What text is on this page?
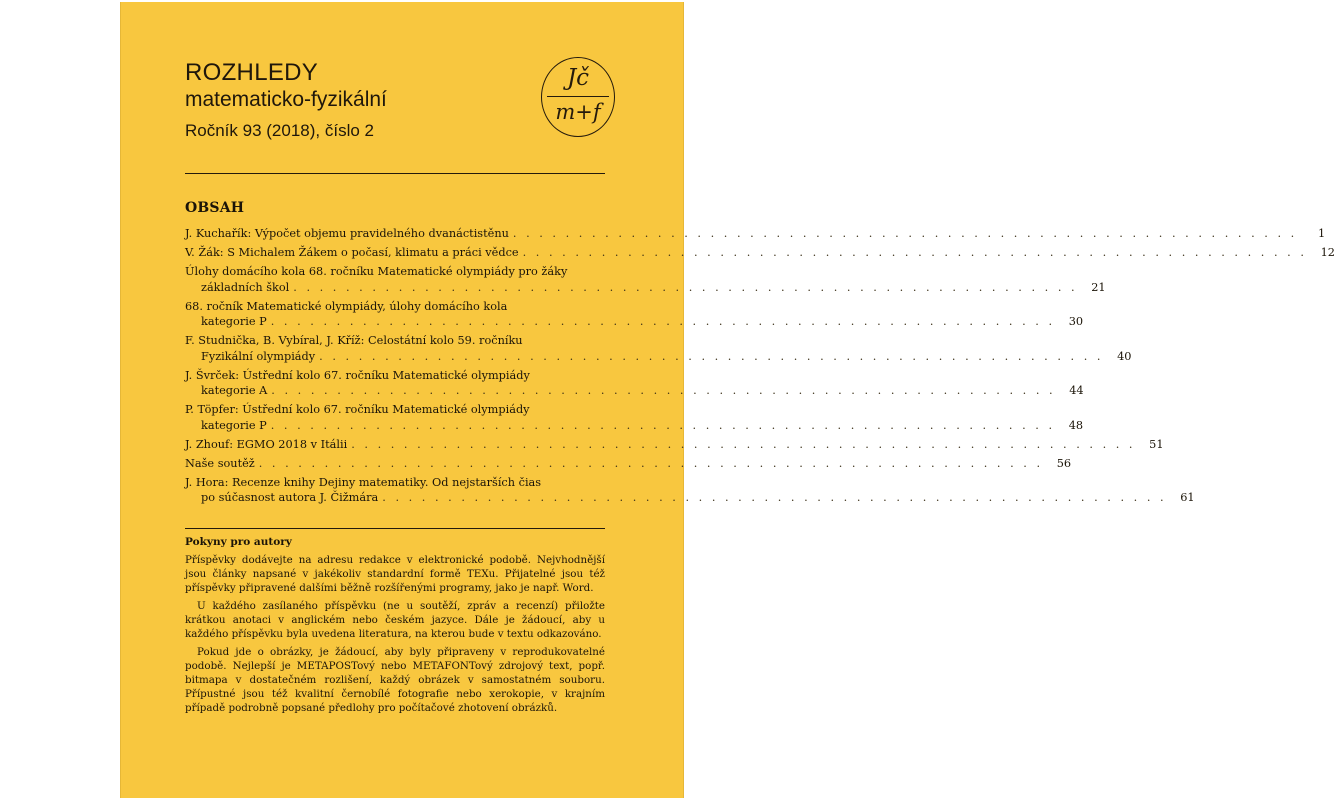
ROZHLEDY
matematicko-fyzikální
Ročník 93 (2018), číslo 2
Jč
m+f
OBSAH
J. Kuchařík: Výpočet objemu pravidelného dvanáctistěnu . . . . . . . . . . . . . . . . . . . . . . . . . . . . . . . . . . . . . . . . . . . . . . . . . . . . . . . . . . . .	1
V. Žák: S Michalem Žákem o počasí, klimatu a práci vědce . . . . . . . . . . . . . . . . . . . . . . . . . . . . . . . . . . . . . . . . . . . . . . . . . . . . . . . . . . . .	12
Úlohy domácího kola 68. ročníku Matematické olympiády pro žáky
základních škol . . . . . . . . . . . . . . . . . . . . . . . . . . . . . . . . . . . . . . . . . . . . . . . . . . . . . . . . . . . .	21
68. ročník Matematické olympiády, úlohy domácího kola
kategorie P . . . . . . . . . . . . . . . . . . . . . . . . . . . . . . . . . . . . . . . . . . . . . . . . . . . . . . . . . . . .	30
F. Studnička, B. Vybíral, J. Kříž: Celostátní kolo 59. ročníku
Fyzikální olympiády . . . . . . . . . . . . . . . . . . . . . . . . . . . . . . . . . . . . . . . . . . . . . . . . . . . . . . . . . . . .	40
J. Švrček: Ústřední kolo 67. ročníku Matematické olympiády
kategorie A . . . . . . . . . . . . . . . . . . . . . . . . . . . . . . . . . . . . . . . . . . . . . . . . . . . . . . . . . . . .	44
P. Töpfer: Ústřední kolo 67. ročníku Matematické olympiády
kategorie P . . . . . . . . . . . . . . . . . . . . . . . . . . . . . . . . . . . . . . . . . . . . . . . . . . . . . . . . . . . .	48
J. Zhouf: EGMO 2018 v Itálii . . . . . . . . . . . . . . . . . . . . . . . . . . . . . . . . . . . . . . . . . . . . . . . . . . . . . . . . . . . .	51
Naše soutěž . . . . . . . . . . . . . . . . . . . . . . . . . . . . . . . . . . . . . . . . . . . . . . . . . . . . . . . . . . . .	56
J. Hora: Recenze knihy Dejiny matematiky. Od nejstarších čias
po súčasnost autora J. Čižmára . . . . . . . . . . . . . . . . . . . . . . . . . . . . . . . . . . . . . . . . . . . . . . . . . . . . . . . . . . . .	61
Pokyny pro autory

Příspěvky dodávejte na adresu redakce v elektronické podobě. Nejvhodnější jsou články napsané v jakékoliv standardní formě TEXu. Přijatelné jsou též příspěvky připravené dalšími běžně rozšířenými programy, jako je např. Word.

U každého zasílaného příspěvku (ne u soutěží, zpráv a recenzí) přiložte krátkou anotaci v anglickém nebo českém jazyce. Dále je žádoucí, aby u každého příspěvku byla uvedena literatura, na kterou bude v textu odkazováno.

Pokud jde o obrázky, je žádoucí, aby byly připraveny v reprodukovatelné podobě. Nejlepší je METAPOSTový nebo METAFONTový zdrojový text, popř. bitmapa v dostatečném rozlišení, každý obrázek v samostatném souboru. Přípustné jsou též kvalitní černobílé fotografie nebo xerokopie, v krajním případě podrobně popsané předlohy pro počítačové zhotovení obrázků.
